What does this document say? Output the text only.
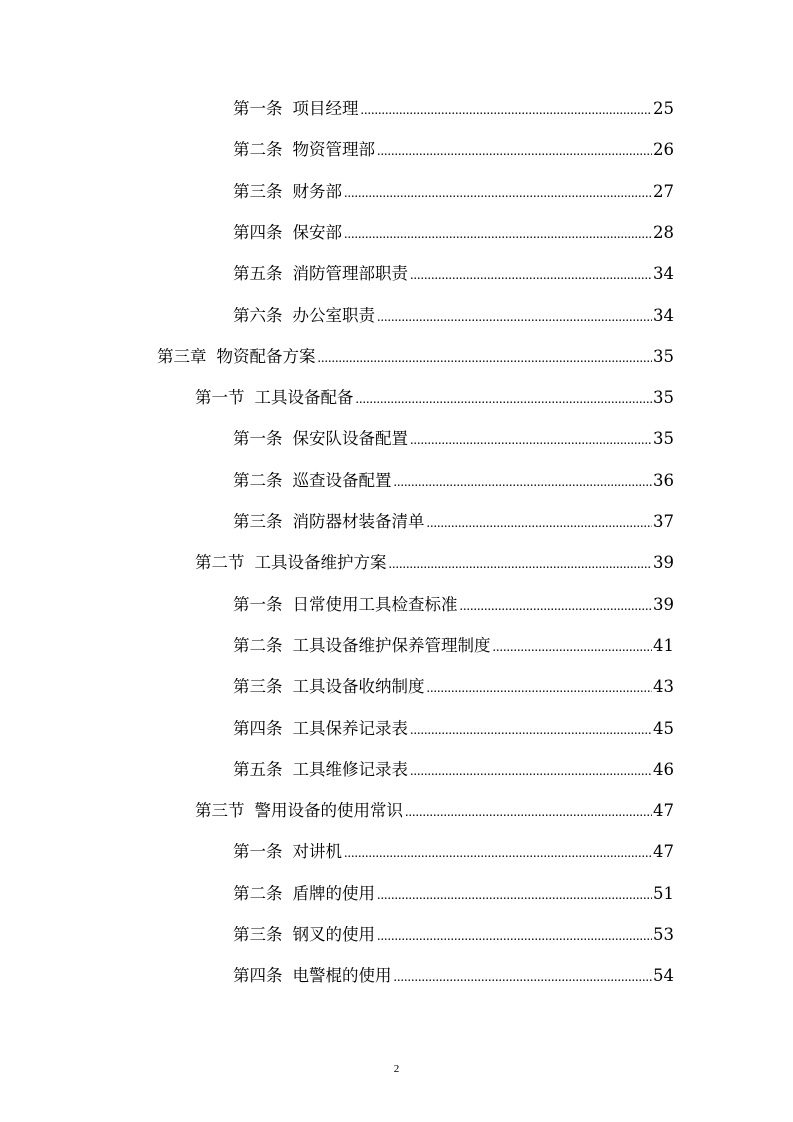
第一条 项目经理 .....	25
第二条 物资管理部 .....	26
第三条 财务部 .....	27
第四条 保安部 .....	28
第五条 消防管理部职责 .....	34
第六条 办公室职责 .....	34
第三章 物资配备方案 .....	35
第一节 工具设备配备 .....	35
第一条 保安队设备配置 .....	35
第二条 巡查设备配置 .....	36
第三条 消防器材装备清单 .....	37
第二节 工具设备维护方案 .....	39
第一条 日常使用工具检查标准 .....	39
第二条 工具设备维护保养管理制度 .....	41
第三条 工具设备收纳制度 .....	43
第四条 工具保养记录表 .....	45
第五条 工具维修记录表 .....	46
第三节 警用设备的使用常识 .....	47
第一条 对讲机 .....	47
第二条 盾牌的使用 .....	51
第三条 钢叉的使用 .....	53
第四条 电警棍的使用 .....	54
2
